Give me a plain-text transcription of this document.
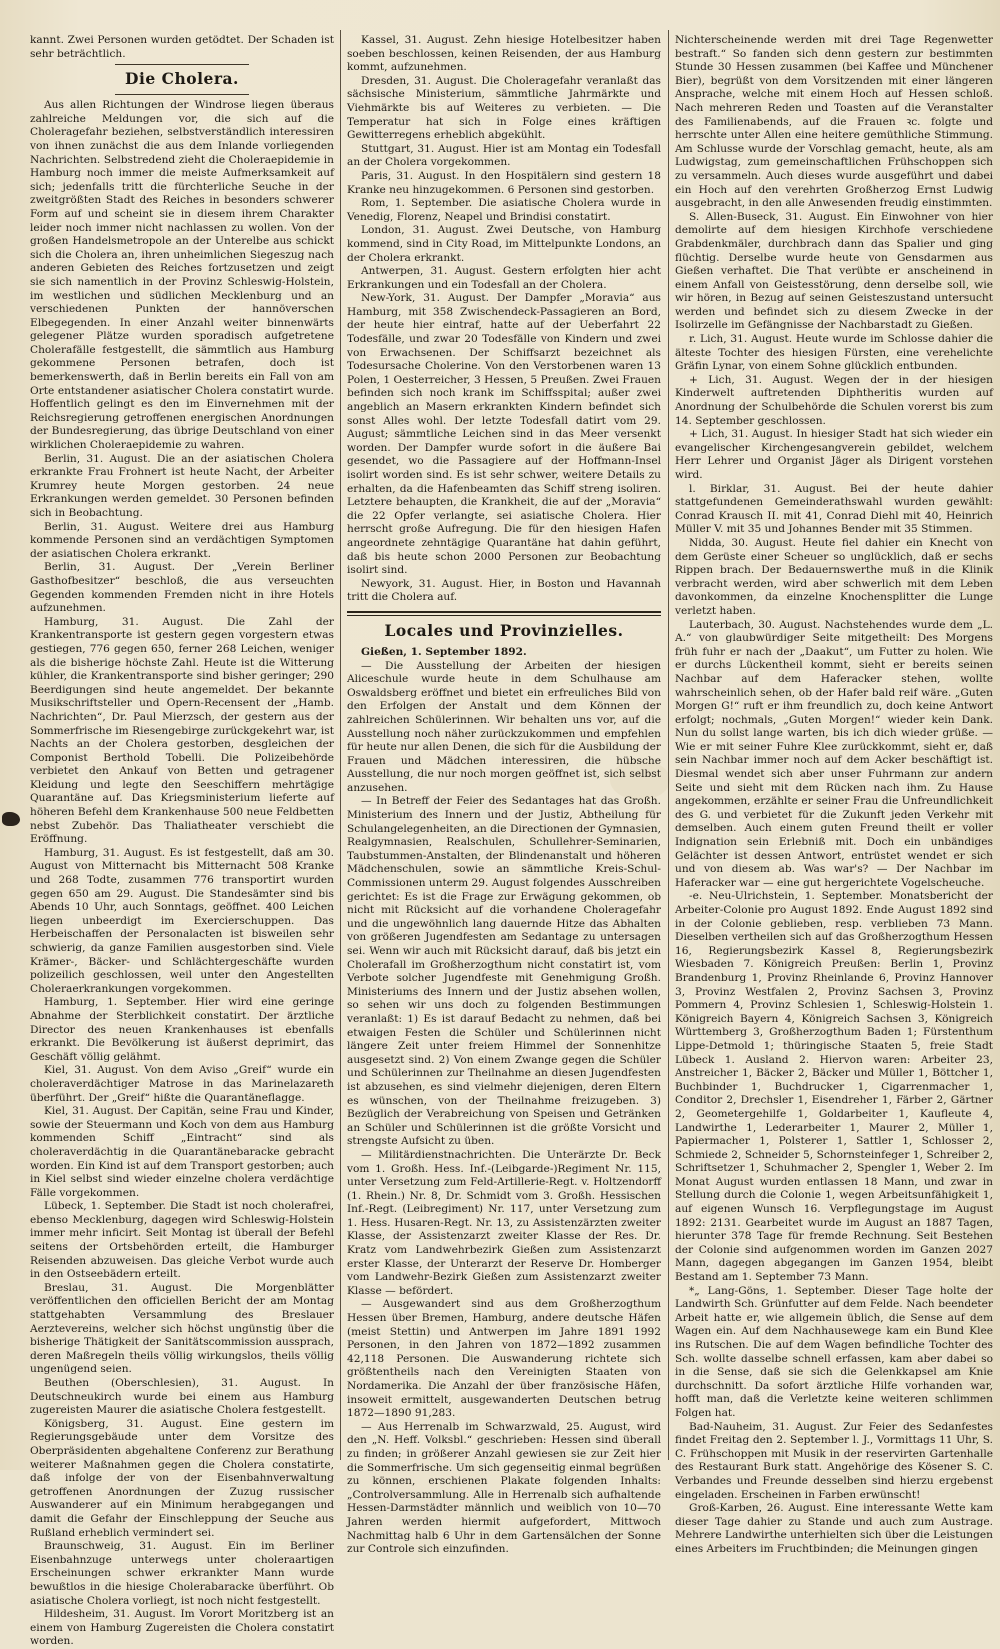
kannt. Zwei Personen wurden getödtet. Der Schaden ist sehr beträchtlich.

Die Cholera.

Aus allen Richtungen der Windrose liegen überaus zahlreiche Meldungen vor, die sich auf die Choleragefahr beziehen, selbstverständlich interessiren von ihnen zunächst die aus dem Inlande vorliegenden Nachrichten. Selbstredend zieht die Choleraepidemie in Hamburg noch immer die meiste Aufmerksamkeit auf sich; jedenfalls tritt die fürchterliche Seuche in der zweitgrößten Stadt des Reiches in besonders schwerer Form auf und scheint sie in diesem ihrem Charakter leider noch immer nicht nachlassen zu wollen. Von der großen Handelsmetropole an der Unterelbe aus schickt sich die Cholera an, ihren unheimlichen Siegeszug nach anderen Gebieten des Reiches fortzusetzen und zeigt sie sich namentlich in der Provinz Schleswig-Holstein, im westlichen und südlichen Mecklenburg und an verschiedenen Punkten der hannöverschen Elbegegenden. In einer Anzahl weiter binnenwärts gelegener Plätze wurden sporadisch aufgetretene Cholerafälle festgestellt, die sämmtlich aus Hamburg gekommene Personen betrafen, doch ist bemerkenswerth, daß in Berlin bereits ein Fall von am Orte entstandener asiatischer Cholera constatirt wurde. Hoffentlich gelingt es den im Einvernehmen mit der Reichsregierung getroffenen energischen Anordnungen der Bundesregierung, das übrige Deutschland von einer wirklichen Choleraepidemie zu wahren.

Berlin, 31. August. Die an der asiatischen Cholera erkrankte Frau Frohnert ist heute Nacht, der Arbeiter Krumrey heute Morgen gestorben. 24 neue Erkrankungen werden gemeldet. 30 Personen befinden sich in Beobachtung.

Berlin, 31. August. Weitere drei aus Hamburg kommende Personen sind an verdächtigen Symptomen der asiatischen Cholera erkrankt.

Berlin, 31. August. Der „Verein Berliner Gasthofbesitzer“ beschloß, die aus verseuchten Gegenden kommenden Fremden nicht in ihre Hotels aufzunehmen.

Hamburg, 31. August. Die Zahl der Krankentransporte ist gestern gegen vorgestern etwas gestiegen, 776 gegen 650, ferner 268 Leichen, weniger als die bisherige höchste Zahl. Heute ist die Witterung kühler, die Krankentransporte sind bisher geringer; 290 Beerdigungen sind heute angemeldet. Der bekannte Musikschriftsteller und Opern-Recensent der „Hamb. Nachrichten“, Dr. Paul Mierzsch, der gestern aus der Sommerfrische im Riesengebirge zurückgekehrt war, ist Nachts an der Cholera gestorben, desgleichen der Componist Berthold Tobelli. Die Polizeibehörde verbietet den Ankauf von Betten und getragener Kleidung und legte den Seeschiffern mehrtägige Quarantäne auf. Das Kriegsministerium lieferte auf höheren Befehl dem Krankenhause 500 neue Feldbetten nebst Zubehör. Das Thaliatheater verschiebt die Eröffnung.

Hamburg, 31. August. Es ist festgestellt, daß am 30. August von Mitternacht bis Mitternacht 508 Kranke und 268 Todte, zusammen 776 transportirt wurden gegen 650 am 29. August. Die Standesämter sind bis Abends 10 Uhr, auch Sonntags, geöffnet. 400 Leichen liegen unbeerdigt im Exercierschuppen. Das Herbeischaffen der Personalacten ist bisweilen sehr schwierig, da ganze Familien ausgestorben sind. Viele Krämer-, Bäcker- und Schlächtergeschäfte wurden polizeilich geschlossen, weil unter den Angestellten Cholerаerkrankungen vorgekommen.

Hamburg, 1. September. Hier wird eine geringe Abnahme der Sterblichkeit constatirt. Der ärztliche Director des neuen Krankenhauses ist ebenfalls erkrankt. Die Bevölkerung ist äußerst deprimirt, das Geschäft völlig gelähmt.

Kiel, 31. August. Von dem Aviso „Greif“ wurde ein choleraverdächtiger Matrose in das Marinelazareth überführt. Der „Greif“ hißte die Quarantäneflagge.

Kiel, 31. August. Der Capitän, seine Frau und Kinder, sowie der Steuermann und Koch von dem aus Hamburg kommenden Schiff „Eintracht“ sind als choleraverdächtig in die Quarantänebaracke gebracht worden. Ein Kind ist auf dem Transport gestorben; auch in Kiel selbst sind wieder einzelne cholera verdächtige Fälle vorgekommen.

Lübeck, 1. September. Die Stadt ist noch cholerafrei, ebenso Mecklenburg, dagegen wird Schleswig-Holstein immer mehr inficirt. Seit Montag ist überall der Befehl seitens der Ortsbehörden erteilt, die Hamburger Reisenden abzuweisen. Das gleiche Verbot wurde auch in den Ostseebädern erteilt.

Breslau, 31. August. Die Morgenblätter veröffentlichen den officiellen Bericht der am Montag stattgehabten Versammlung des Breslauer Aerztevereins, welcher sich höchst ungünstig über die bisherige Thätigkeit der Sanitätscommission aussprach, deren Maßregeln theils völlig wirkungslos, theils völlig ungenügend seien.

Beuthen (Oberschlesien), 31. August. In Deutschneukirch wurde bei einem aus Hamburg zugereisten Maurer die asiatische Cholera festgestellt.

Königsberg, 31. August. Eine gestern im Regierungsgebäude unter dem Vorsitze des Oberpräsidenten abgehaltene Conferenz zur Berathung weiterer Maßnahmen gegen die Cholera constatirte, daß infolge der von der Eisenbahnverwaltung getroffenen Anordnungen der Zuzug russischer Auswanderer auf ein Minimum herabgegangen und damit die Gefahr der Einschleppung der Seuche aus Rußland erheblich vermindert sei.

Braunschweig, 31. August. Ein im Berliner Eisenbahnzuge unterwegs unter choleraartigen Erscheinungen schwer erkrankter Mann wurde bewußtlos in die hiesige Cholerabaracke überführt. Ob asiatische Cholera vorliegt, ist noch nicht festgestellt.

Hildesheim, 31. August. Im Vorort Moritzberg ist an einem von Hamburg Zugereisten die Cholera constatirt worden.

Kassel, 31. August. Zehn hiesige Hotelbesitzer haben soeben beschlossen, keinen Reisenden, der aus Hamburg kommt, aufzunehmen.

Dresden, 31. August. Die Choleragefahr veranlaßt das sächsische Ministerium, sämmtliche Jahrmärkte und Viehmärkte bis auf Weiteres zu verbieten. — Die Temperatur hat sich in Folge eines kräftigen Gewitterregens erheblich abgekühlt.

Stuttgart, 31. August. Hier ist am Montag ein Todesfall an der Cholera vorgekommen.

Paris, 31. August. In den Hospitälern sind gestern 18 Kranke neu hinzugekommen. 6 Personen sind gestorben.

Rom, 1. September. Die asiatische Cholera wurde in Venedig, Florenz, Neapel und Brindisi constatirt.

London, 31. August. Zwei Deutsche, von Hamburg kommend, sind in City Road, im Mittelpunkte Londons, an der Cholera erkrankt.

Antwerpen, 31. August. Gestern erfolgten hier acht Erkrankungen und ein Todesfall an der Cholera.

New-York, 31. August. Der Dampfer „Moravia“ aus Hamburg, mit 358 Zwischendeck-Passagieren an Bord, der heute hier eintraf, hatte auf der Ueberfahrt 22 Todesfälle, und zwar 20 Todesfälle von Kindern und zwei von Erwachsenen. Der Schiffsarzt bezeichnet als Todesursache Cholerine. Von den Verstorbenen waren 13 Polen, 1 Oesterreicher, 3 Hessen, 5 Preußen. Zwei Frauen befinden sich noch krank im Schiffsspital; außer zwei angeblich an Masern erkrankten Kindern befindet sich sonst Alles wohl. Der letzte Todesfall datirt vom 29. August; sämmtliche Leichen sind in das Meer versenkt worden. Der Dampfer wurde sofort in die äußere Bai gesendet, wo die Passagiere auf der Hoffmann-Insel isolirt worden sind. Es ist sehr schwer, weitere Details zu erhalten, da die Hafenbeamten das Schiff streng isoliren. Letztere behaupten, die Krankheit, die auf der „Moravia“ die 22 Opfer verlangte, sei asiatische Cholera. Hier herrscht große Aufregung. Die für den hiesigen Hafen angeordnete zehntägige Quarantäne hat dahin geführt, daß bis heute schon 2000 Personen zur Beobachtung isolirt sind.

Newyork, 31. August. Hier, in Boston und Havannah tritt die Cholera auf.

Locales und Provinzielles.

Gießen, 1. September 1892.

— Die Ausstellung der Arbeiten der hiesigen Aliceschule wurde heute in dem Schulhause am Oswaldsberg eröffnet und bietet ein erfreuliches Bild von den Erfolgen der Anstalt und dem Können der zahlreichen Schülerinnen. Wir behalten uns vor, auf die Ausstellung noch näher zurückzukommen und empfehlen für heute nur allen Denen, die sich für die Ausbildung der Frauen und Mädchen interessiren, die hübsche Ausstellung, die nur noch morgen geöffnet ist, sich selbst anzusehen.

— In Betreff der Feier des Sedantages hat das Großh. Ministerium des Innern und der Justiz, Abtheilung für Schulangelegenheiten, an die Directionen der Gymnasien, Realgymnasien, Realschulen, Schullehrer-Seminarien, Taubstummen-Anstalten, der Blindenanstalt und höheren Mädchenschulen, sowie an sämmtliche Kreis-Schul-Commissionen unterm 29. August folgendes Ausschreiben gerichtet: Es ist die Frage zur Erwägung gekommen, ob nicht mit Rücksicht auf die vorhandene Choleragefahr und die ungewöhnlich lang dauernde Hitze das Abhalten von größeren Jugendfesten am Sedantage zu untersagen sei. Wenn wir auch mit Rücksicht darauf, daß bis jetzt ein Cholerafall im Großherzogthum nicht constatirt ist, vom Verbote solcher Jugendfeste mit Genehmigung Großh. Ministeriums des Innern und der Justiz absehen wollen, so sehen wir uns doch zu folgenden Bestimmungen veranlaßt: 1) Es ist darauf Bedacht zu nehmen, daß bei etwaigen Festen die Schüler und Schülerinnen nicht längere Zeit unter freiem Himmel der Sonnenhitze ausgesetzt sind. 2) Von einem Zwange gegen die Schüler und Schülerinnen zur Theilnahme an diesen Jugendfesten ist abzusehen, es sind vielmehr diejenigen, deren Eltern es wünschen, von der Theilnahme freizugeben. 3) Bezüglich der Verabreichung von Speisen und Getränken an Schüler und Schülerinnen ist die größte Vorsicht und strengste Aufsicht zu üben.

— Militärdienstnachrichten. Die Unterärzte Dr. Beck vom 1. Großh. Hess. Inf.-(Leibgarde-)Regiment Nr. 115, unter Versetzung zum Feld-Artillerie-Regt. v. Holtzendorff (1. Rhein.) Nr. 8, Dr. Schmidt vom 3. Großh. Hessischen Inf.-Regt. (Leibregiment) Nr. 117, unter Versetzung zum 1. Hess. Husaren-Regt. Nr. 13, zu Assistenzärzten zweiter Klasse, der Assistenzarzt zweiter Klasse der Res. Dr. Kratz vom Landwehrbezirk Gießen zum Assistenzarzt erster Klasse, der Unterarzt der Reserve Dr. Homberger vom Landwehr-Bezirk Gießen zum Assistenzarzt zweiter Klasse — befördert.

— Ausgewandert sind aus dem Großherzogthum Hessen über Bremen, Hamburg, andere deutsche Häfen (meist Stettin) und Antwerpen im Jahre 1891 1992 Personen, in den Jahren von 1872—1892 zusammen 42,118 Personen. Die Auswanderung richtete sich größtentheils nach den Vereinigten Staaten von Nordamerika. Die Anzahl der über französische Häfen, insoweit ermittelt, ausgewanderten Deutschen betrug 1872—1890 91,283.

— Aus Herrenalb im Schwarzwald, 25. August, wird den „N. Heff. Volksbl.“ geschrieben: Hessen sind überall zu finden; in größerer Anzahl gewiesen sie zur Zeit hier die Sommerfrische. Um sich gegenseitig einmal begrüßen zu können, erschienen Plakate folgenden Inhalts: „Controlversammlung. Alle in Herrenalb sich aufhaltende Hessen-Darmstädter männlich und weiblich von 10—70 Jahren werden hiermit aufgefordert, Mittwoch Nachmittag halb 6 Uhr in dem Gartensälchen der Sonne zur Controle sich einzufinden.

Nichterscheinende werden mit drei Tage Regenwetter bestraft.“ So fanden sich denn gestern zur bestimmten Stunde 30 Hessen zusammen (bei Kaffee und Münchener Bier), begrüßt von dem Vorsitzenden mit einer längeren Ansprache, welche mit einem Hoch auf Hessen schloß. Nach mehreren Reden und Toasten auf die Veranstalter des Familienabends, auf die Frauen ꝛc. folgte und herrschte unter Allen eine heitere gemüthliche Stimmung. Am Schlusse wurde der Vorschlag gemacht, heute, als am Ludwigstag, zum gemeinschaftlichen Frühschoppen sich zu versammeln. Auch dieses wurde ausgeführt und dabei ein Hoch auf den verehrten Großherzog Ernst Ludwig ausgebracht, in den alle Anwesenden freudig einstimmten.

S. Allen-Buseck, 31. August. Ein Einwohner von hier demolirte auf dem hiesigen Kirchhofe verschiedene Grabdenkmäler, durchbrach dann das Spalier und ging flüchtig. Derselbe wurde heute von Gensdarmen aus Gießen verhaftet. Die That verübte er anscheinend in einem Anfall von Geistesstörung, denn derselbe soll, wie wir hören, in Bezug auf seinen Geisteszustand untersucht werden und befindet sich zu diesem Zwecke in der Isolirzelle im Gefängnisse der Nachbarstadt zu Gießen.

r. Lich, 31. August. Heute wurde im Schlosse dahier die älteste Tochter des hiesigen Fürsten, eine verehelichte Gräfin Lynar, von einem Sohne glücklich entbunden.

+ Lich, 31. August. Wegen der in der hiesigen Kinderwelt auftretenden Diphtheritis wurden auf Anordnung der Schulbehörde die Schulen vorerst bis zum 14. September geschlossen.

+ Lich, 31. August. In hiesiger Stadt hat sich wieder ein evangelischer Kirchengesangverein gebildet, welchem Herr Lehrer und Organist Jäger als Dirigent vorstehen wird.

l. Birklar, 31. August. Bei der heute dahier stattgefundenen Gemeinderathswahl wurden gewählt: Conrad Krausch II. mit 41, Conrad Diehl mit 40, Heinrich Müller V. mit 35 und Johannes Bender mit 35 Stimmen.

Nidda, 30. August. Heute fiel dahier ein Knecht von dem Gerüste einer Scheuer so unglücklich, daß er sechs Rippen brach. Der Bedauernswerthe muß in die Klinik verbracht werden, wird aber schwerlich mit dem Leben davonkommen, da einzelne Knochensplitter die Lunge verletzt haben.

Lauterbach, 30. August. Nachstehendes wurde dem „L. A.“ von glaubwürdiger Seite mitgetheilt: Des Morgens früh fuhr er nach der „Daakut“, um Futter zu holen. Wie er durchs Lückentheil kommt, sieht er bereits seinen Nachbar auf dem Haferacker stehen, wollte wahrscheinlich sehen, ob der Hafer bald reif wäre. „Guten Morgen G!“ ruft er ihm freundlich zu, doch keine Antwort erfolgt; nochmals, „Guten Morgen!“ wieder kein Dank. Nun du sollst lange warten, bis ich dich wieder grüße. — Wie er mit seiner Fuhre Klee zurückkommt, sieht er, daß sein Nachbar immer noch auf dem Acker beschäftigt ist. Diesmal wendet sich aber unser Fuhrmann zur andern Seite und sieht mit dem Rücken nach ihm. Zu Hause angekommen, erzählte er seiner Frau die Unfreundlichkeit des G. und verbietet für die Zukunft jeden Verkehr mit demselben. Auch einem guten Freund theilt er voller Indignation sein Erlebniß mit. Doch ein unbändiges Gelächter ist dessen Antwort, entrüstet wendet er sich und von diesem ab. Was war's? — Der Nachbar im Haferacker war — eine gut hergerichtete Vogelscheuche.

-e. Neu-Ulrichstein, 1. September. Monatsbericht der Arbeiter-Colonie pro August 1892. Ende August 1892 sind in der Colonie geblieben, resp. verblieben 73 Mann. Dieselben vertheilen sich auf das Großherzogthum Hessen 16, Regierungsbezirk Kassel 8, Regierungsbezirk Wiesbaden 7. Königreich Preußen: Berlin 1, Provinz Brandenburg 1, Provinz Rheinlande 6, Provinz Hannover 3, Provinz Westfalen 2, Provinz Sachsen 3, Provinz Pommern 4, Provinz Schlesien 1, Schleswig-Holstein 1. Königreich Bayern 4, Königreich Sachsen 3, Königreich Württemberg 3, Großherzogthum Baden 1; Fürstenthum Lippe-Detmold 1; thüringische Staaten 5, freie Stadt Lübeck 1. Ausland 2. Hiervon waren: Arbeiter 23, Anstreicher 1, Bäcker 2, Bäcker und Müller 1, Böttcher 1, Buchbinder 1, Buchdrucker 1, Cigarrenmacher 1, Conditor 2, Drechsler 1, Eisendreher 1, Färber 2, Gärtner 2, Geometergehilfe 1, Goldarbeiter 1, Kaufleute 4, Landwirthe 1, Lederarbeiter 1, Maurer 2, Müller 1, Papiermacher 1, Polsterer 1, Sattler 1, Schlosser 2, Schmiede 2, Schneider 5, Schornsteinfeger 1, Schreiber 2, Schriftsetzer 1, Schuhmacher 2, Spengler 1, Weber 2. Im Monat August wurden entlassen 18 Mann, und zwar in Stellung durch die Colonie 1, wegen Arbeitsunfähigkeit 1, auf eigenen Wunsch 16. Verpflegungstage im August 1892: 2131. Gearbeitet wurde im August an 1887 Tagen, hierunter 378 Tage für fremde Rechnung. Seit Bestehen der Colonie sind aufgenommen worden im Ganzen 2027 Mann, dagegen abgegangen im Ganzen 1954, bleibt Bestand am 1. September 73 Mann.

*„ Lang-Göns, 1. September. Dieser Tage holte der Landwirth Sch. Grünfutter auf dem Felde. Nach beendeter Arbeit hatte er, wie allgemein üblich, die Sense auf dem Wagen ein. Auf dem Nachhausewege kam ein Bund Klee ins Rutschen. Die auf dem Wagen befindliche Tochter des Sch. wollte dasselbe schnell erfassen, kam aber dabei so in die Sense, daß sie sich die Gelenkkapsel am Knie durchschnitt. Da sofort ärztliche Hilfe vorhanden war, hofft man, daß die Verletzte keine weiteren schlimmen Folgen hat.

Bad-Nauheim, 31. August. Zur Feier des Sedanfestes findet Freitag den 2. September l. J., Vormittags 11 Uhr, S. C. Frühschoppen mit Musik in der reservirten Gartenhalle des Restaurant Burk statt. Angehörige des Kösener S. C. Verbandes und Freunde desselben sind hierzu ergebenst eingeladen. Erscheinen in Farben erwünscht!

Groß-Karben, 26. August. Eine interessante Wette kam dieser Tage dahier zu Stande und auch zum Austrage. Mehrere Landwirthe unterhielten sich über die Leistungen eines Arbeiters im Fruchtbinden; die Meinungen gingen
